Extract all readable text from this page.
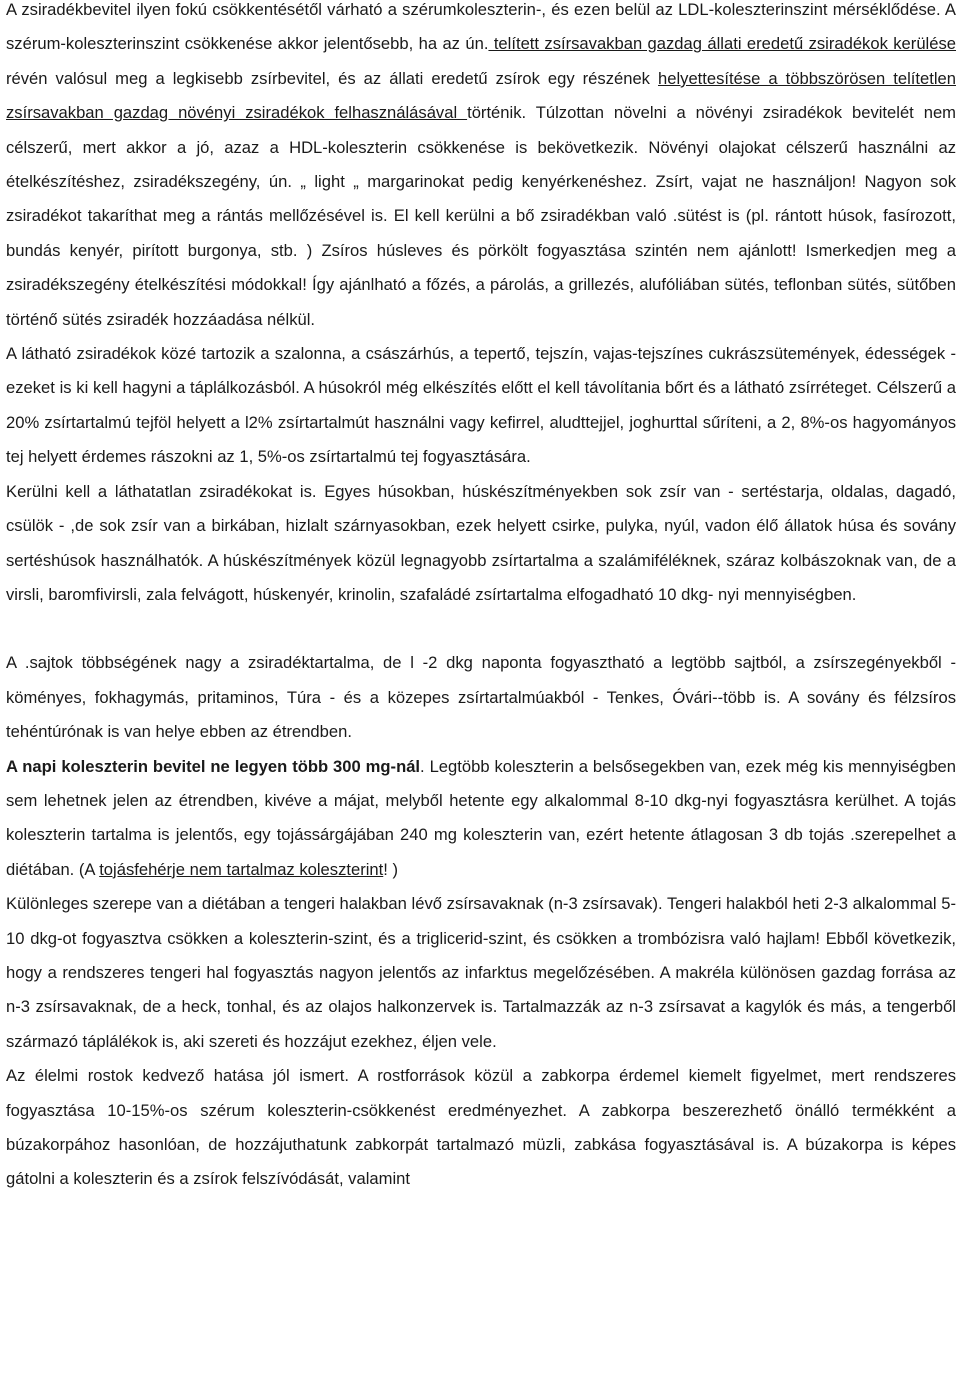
A zsiradékbevitel ilyen fokú csökkentésétől várható a szérumkoleszterin-, és ezen belül az LDL-koleszterinszint mérséklődése. A szérum-koleszterinszint csökkenése akkor jelentősebb, ha az ún. telített zsírsavakban gazdag állati eredetű zsiradékok kerülése révén valósul meg a legkisebb zsírbevitel, és az állati eredetű zsírok egy részének helyettesítése a többszörösen telítetlen zsírsavakban gazdag növényi zsiradékok felhasználásával történik. Túlzottan növelni a növényi zsiradékok bevitelét nem célszerű, mert akkor a jó, azaz a HDL-koleszterin csökkenése is bekövetkezik. Növényi olajokat célszerű használni az ételkészítéshez, zsiradékszegény, ún. „ light „ margarinokat pedig kenyérkenéshez. Zsírt, vajat ne használjon! Nagyon sok zsiradékot takaríthat meg a rántás mellőzésével is. El kell kerülni a bő zsiradékban való .sütést is (pl. rántott húsok, fasírozott, bundás kenyér, pirított burgonya, stb. ) Zsíros húsleves és pörkölt fogyasztása szintén nem ajánlott! Ismerkedjen meg a zsiradékszegény ételkészítési módokkal! Így ajánlható a főzés, a párolás, a grillezés, alufóliában sütés, teflonban sütés, sütőben történő sütés zsiradék hozzáadása nélkül.

A látható zsiradékok közé tartozik a szalonna, a császárhús, a tepertő, tejszín, vajas-tejszínes cukrászsütemények, édességek - ezeket is ki kell hagyni a táplálkozásból. A húsokról még elkészítés előtt el kell távolítania bőrt és a látható zsírréteget. Célszerű a 20% zsírtartalmú tejföl helyett a l2% zsírtartalmút használni vagy kefirrel, aludttejjel, joghurttal sűríteni, a 2, 8%-os hagyományos tej helyett érdemes rászokni az 1, 5%-os zsírtartalmú tej fogyasztására.

Kerülni kell a láthatatlan zsiradékokat is. Egyes húsokban, húskészítményekben sok zsír van - sertéstarja, oldalas, dagadó, csülök - ,de sok zsír van a birkában, hizlalt szárnyasokban, ezek helyett csirke, pulyka, nyúl, vadon élő állatok húsa és sovány sertéshúsok használhatók. A húskészítmények közül legnagyobb zsírtartalma a szalámiféléknek, száraz kolbászoknak van, de a virsli, baromfivirsli, zala felvágott, húskenyér, krinolin, szafaládé zsírtartalma elfogadható 10 dkg- nyi mennyiségben.

A .sajtok többségének nagy a zsiradéktartalma, de l -2 dkg naponta fogyasztható a legtöbb sajtból, a zsírszegényekből - köményes, fokhagymás, pritaminos, Túra - és a közepes zsírtartalmúakból - Tenkes, Óvári--több is. A sovány és félzsíros tehéntúrónak is van helye ebben az étrendben.

A napi koleszterin bevitel ne legyen több 300 mg-nál. Legtöbb koleszterin a belsősegekben van, ezek még kis mennyiségben sem lehetnek jelen az étrendben, kivéve a májat, melyből hetente egy alkalommal 8-10 dkg-nyi fogyasztásra kerülhet. A tojás koleszterin tartalma is jelentős, egy tojássárgájában 240 mg koleszterin van, ezért hetente átlagosan 3 db tojás .szerepelhet a diétában. (A tojásfehérje nem tartalmaz koleszterint! )

Különleges szerepe van a diétában a tengeri halakban lévő zsírsavaknak (n-3 zsírsavak). Tengeri halakból heti 2-3 alkalommal 5-10 dkg-ot fogyasztva csökken a koleszterin-szint, és a triglicerid-szint, és csökken a trombózisra való hajlam! Ebből következik, hogy a rendszeres tengeri hal fogyasztás nagyon jelentős az infarktus megelőzésében. A makréla különösen gazdag forrása az n-3 zsírsavaknak, de a heck, tonhal, és az olajos halkonzervek is. Tartalmazzák az n-3 zsírsavat a kagylók és más, a tengerből származó táplálékok is, aki szereti és hozzájut ezekhez, éljen vele.

Az élelmi rostok kedvező hatása jól ismert. A rostforrások közül a zabkorpa érdemel kiemelt figyelmet, mert rendszeres fogyasztása 10-15%-os szérum koleszterin-csökkenést eredményezhet. A zabkorpa beszerezhető önálló termékként a búzakorpához hasonlóan, de hozzájuthatunk zabkorpát tartalmazó müzli, zabkása fogyasztásával is. A búzakorpa is képes gátolni a koleszterin és a zsírok felszívódását, valamint
